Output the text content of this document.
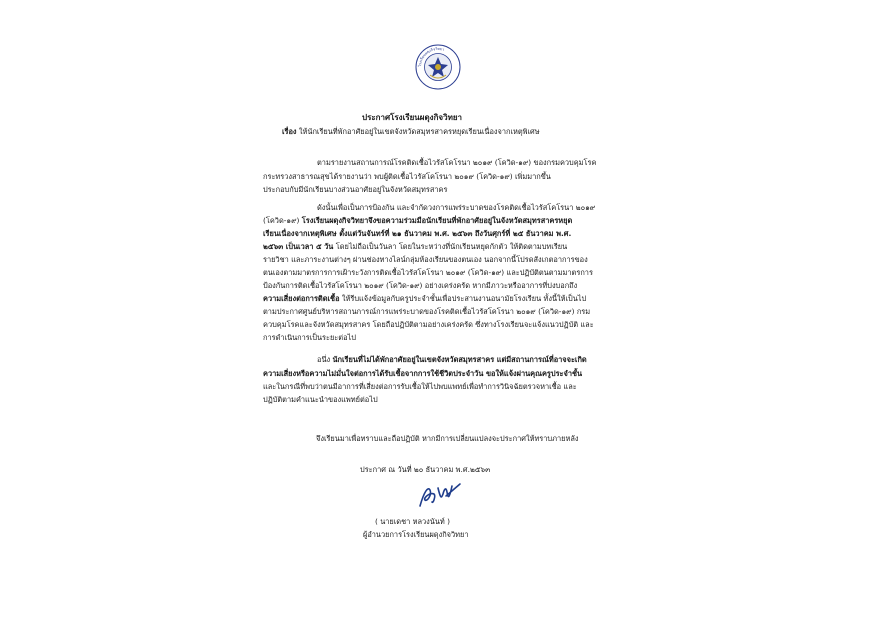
โรงเรียนผดุงกิจวิทยา
ประกาศโรงเรียนผดุงกิจวิทยา
เรื่อง ให้นักเรียนที่พักอาศัยอยู่ในเขตจังหวัดสมุทรสาครหยุดเรียนเนื่องจากเหตุพิเศษ
ตามรายงานสถานการณ์โรคติดเชื้อไวรัสโคโรนา ๒๐๑๙ (โควิด-๑๙) ของกรมควบคุมโรค
กระทรวงสาธารณสุขได้รายงานว่า พบผู้ติดเชื้อไวรัสโคโรนา ๒๐๑๙ (โควิด-๑๙) เพิ่มมากขึ้น
ประกอบกับมีนักเรียนบางส่วนอาศัยอยู่ในจังหวัดสมุทรสาคร
ดังนั้นเพื่อเป็นการป้องกัน และจำกัดวงการแพร่ระบาดของโรคติดเชื้อไวรัสโคโรนา ๒๐๑๙
(โควิด-๑๙) โรงเรียนผดุงกิจวิทยาจึงขอความร่วมมือนักเรียนที่พักอาศัยอยู่ในจังหวัดสมุทรสาครหยุด
เรียนเนื่องจากเหตุพิเศษ ตั้งแต่วันจันทร์ที่ ๒๑ ธันวาคม พ.ศ. ๒๕๖๓ ถึงวันศุกร์ที่ ๒๕ ธันวาคม พ.ศ.
๒๕๖๓ เป็นเวลา ๕ วัน โดยไม่ถือเป็นวันลา โดยในระหว่างที่นักเรียนหยุดกักตัว ให้ติดตามบทเรียน
รายวิชา และภาระงานต่างๆ ผ่านช่องทางไลน์กลุ่มห้องเรียนของตนเอง นอกจากนี้โปรดสังเกตอาการของ
ตนเองตามมาตรการการเฝ้าระวังการติดเชื้อไวรัสโคโรนา ๒๐๑๙ (โควิด-๑๙) และปฏิบัติตนตามมาตรการ
ป้องกันการติดเชื้อไวรัสโคโรนา ๒๐๑๙ (โควิด-๑๙) อย่างเคร่งครัด หากมีภาวะหรืออาการที่บ่งบอกถึง
ความเสี่ยงต่อการติดเชื้อ ให้รีบแจ้งข้อมูลกับครูประจำชั้นเพื่อประสานงานอนามัยโรงเรียน ทั้งนี้ให้เป็นไป
ตามประกาศศูนย์บริหารสถานการณ์การแพร่ระบาดของโรคติดเชื้อไวรัสโคโรนา ๒๐๑๙ (โควิด-๑๙) กรม
ควบคุมโรคและจังหวัดสมุทรสาคร โดยถือปฏิบัติตามอย่างเคร่งครัด ซึ่งทางโรงเรียนจะแจ้งแนวปฏิบัติ และ
การดำเนินการเป็นระยะต่อไป
อนึ่ง นักเรียนที่ไม่ได้พักอาศัยอยู่ในเขตจังหวัดสมุทรสาคร แต่มีสถานการณ์ที่อาจจะเกิด
ความเสี่ยงหรือความไม่มั่นใจต่อการได้รับเชื้อจากการใช้ชีวิตประจำวัน ขอให้แจ้งผ่านคุณครูประจำชั้น
และในกรณีที่พบว่าตนมีอาการที่เสี่ยงต่อการรับเชื้อให้ไปพบแพทย์เพื่อทำการวินิจฉัยตรวจหาเชื้อ และ
ปฏิบัติตามคำแนะนำของแพทย์ต่อไป
จึงเรียนมาเพื่อทราบและถือปฏิบัติ หากมีการเปลี่ยนแปลงจะประกาศให้ทราบภายหลัง
ประกาศ ณ วันที่ ๒๐ ธันวาคม พ.ศ.๒๕๖๓
( นายเดชา หลวงนันท์ )
ผู้อำนวยการโรงเรียนผดุงกิจวิทยา
